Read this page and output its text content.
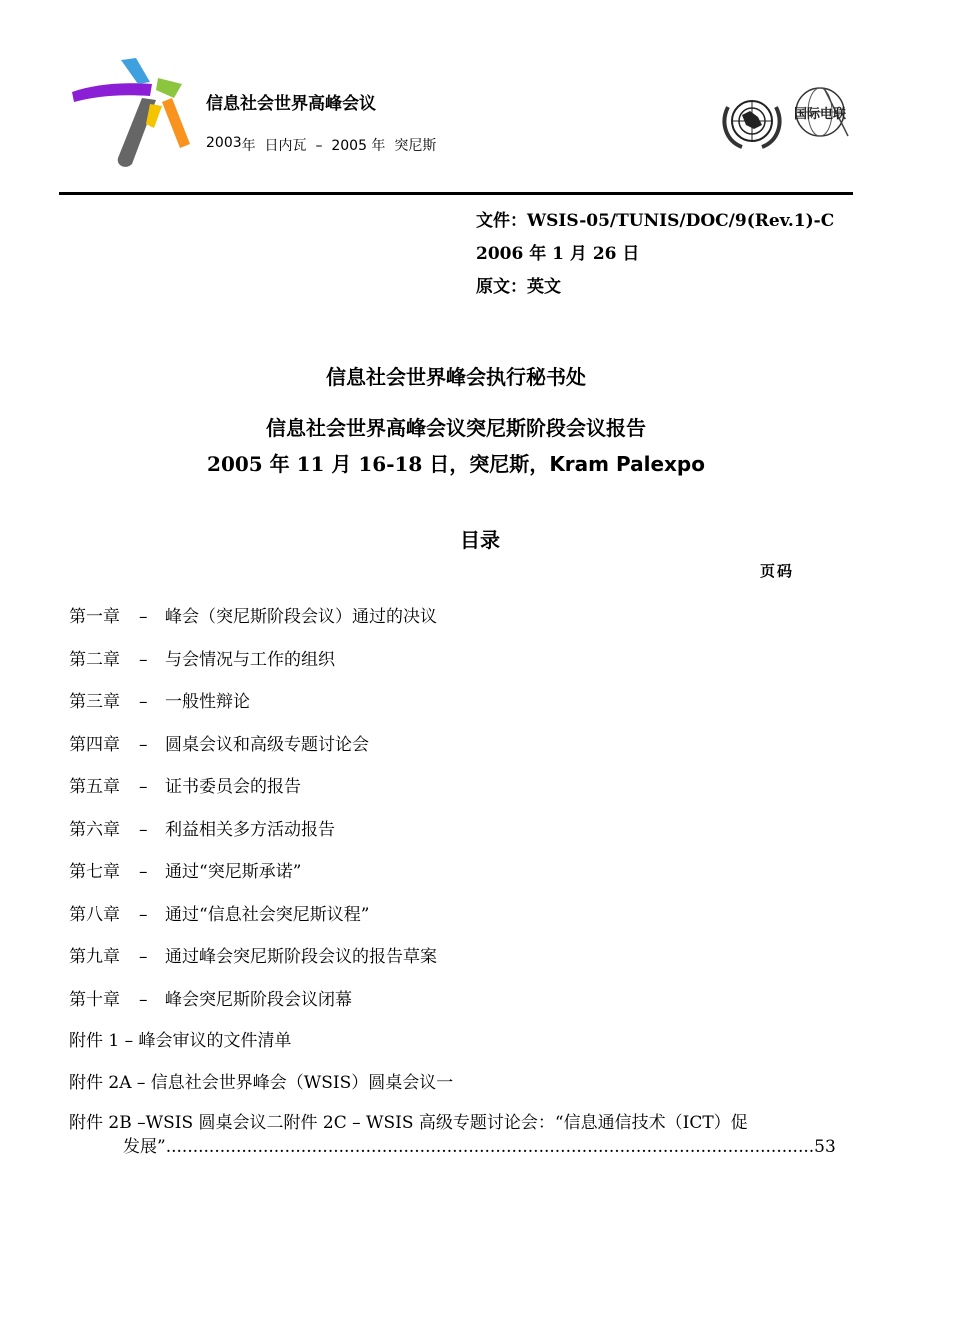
信息社会世界高峰会议
2003年  日内瓦  –  2005 年  突尼斯
国际电联
文件：WSIS-05/TUNIS/DOC/9(Rev.1)-C
2006 年 1 月 26 日
原文：英文
信息社会世界峰会执行秘书处
信息社会世界高峰会议突尼斯阶段会议报告
2005 年 11 月 16-18 日，突尼斯，Kram Palexpo
目录
页码
第一章 – 峰会（突尼斯阶段会议）通过的决议
第二章 – 与会情况与工作的组织
第三章 – 一般性辩论
第四章 – 圆桌会议和高级专题讨论会
第五章 – 证书委员会的报告
第六章 – 利益相关多方活动报告
第七章 – 通过“突尼斯承诺”
第八章 – 通过“信息社会突尼斯议程”
第九章 – 通过峰会突尼斯阶段会议的报告草案
第十章 – 峰会突尼斯阶段会议闭幕
附件 1 – 峰会审议的文件清单
附件 2A – 信息社会世界峰会（WSIS）圆桌会议一
附件 2B –WSIS 圆桌会议二附件 2C – WSIS 高级专题讨论会：“信息通信技术（ICT）促
发展”........................................................................................................................53
